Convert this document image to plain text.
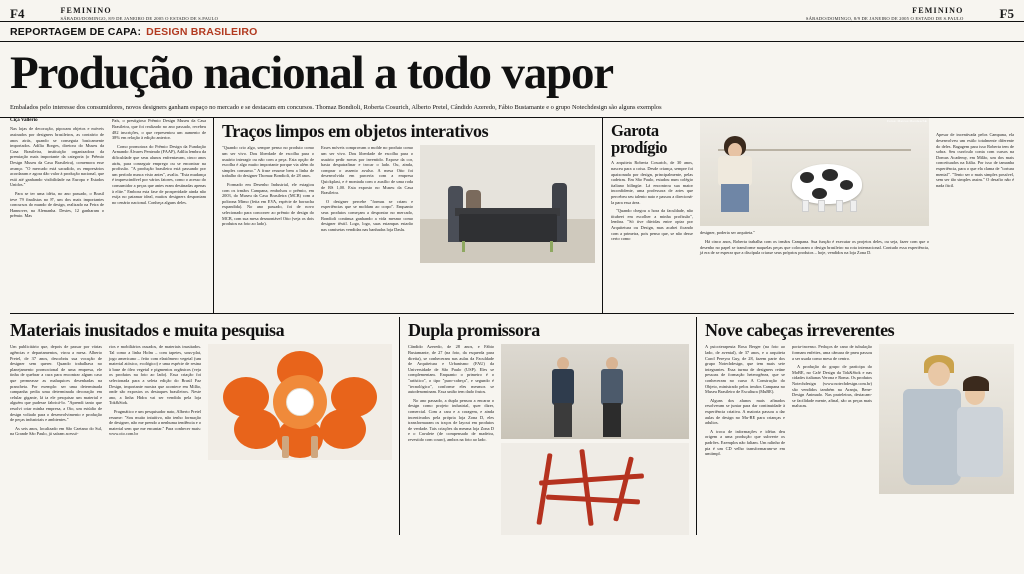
F4	FEMININO
SÁBADO/DOMINGO, 8/9 DE JANEIRO DE 2005 O ESTADO DE S.PAULO
FEMININO
SÁBADO/DOMINGO, 8/9 DE JANEIRO DE 2005 O ESTADO DE S.PAULO	F5
REPORTAGEM DE CAPA: DESIGN BRASILEIRO
Produção nacional a todo vapor
Embalados pelo interesse dos consumidores, novos designers ganham espaço no mercado e se destacam em concursos. Thomaz Bondioli, Roberta Cosurich, Alberto Pretel, Cândido Azeredo, Fábio Bustamante e o grupo Notechdesign são alguns exemplos
Ciça Vallério

Nas lojas de decoração, pipocam objetos e móveis assinados por designers brasileiros, as contrário de anos atrás, quando se conseguia basicamente importados. Adília Borges, diretora do Museu da Casa Brasileira, instituição organizadora da premiação mais importante da categoria (o Prêmio Design Museu da Casa Brasileira), comemora esse avanço. "O mercado está sacudido, os empresários acordaram e agora dão valor à produção nacional, que está até ganhando visibilidade na Europa e Estados Unidos."

Para se ter uma idéia, no ano passado, o Brasil teve 79 finalistas no 8º, um dos mais importantes concursos do mundo de design, realizado na Feira de Hannover, na Alemanha. Destes, 12 ganharam o prêmio. Mas

País, o prestigioso Prêmio Design Museu da Casa Brasileira, que foi realizado no ano passado, recebeu 482 inscrições, o que representou um aumento de 38% em relação à edição anterior.

Como promotora do Prêmio Design da Fundação Armando Álvares Penteado (FAAP), Adília lembra da dificuldade que seus alunos enfrentavam, cinco anos atrás, para conseguir emprego ou se encontrar na profissão. "A produção brasileira está passando por um período nunca visto antes", avalia. "Esta mudança é imprescindível por vários fatores, como o acesso do consumidor a peças que antes eram destinadas apenas à elite." Embora esta fase de prosperidade ainda não exija no patamar ideal, muitos designers despontam no cenário nacional. Conheça alguns deles.

Traços limpos em objetos interativos

"Quando crio algo, sempre penso no produto como um ser vivo. Dou liberdade de escolha para o usuário interagir ou não com a peça. Esta opção de escolha é algo muito importante porque via além do simples consumo." A frase resume bem a linha de trabalho do designer Thomaz Bondioli, de 28 anos.

Formado em Desenho Industrial, ele estagiou com os irmãos Campana, embolsou o prêmio, em 2003, do Museu da Casa Brasileira (MCB) com a poltrona Mimo (feita em EVA, espécie de borracha expandida). No ano passado, foi de novo selecionado para concorrer ao prêmio de design do MCB, com sua mesa desmontável Otto (veja os dois produtos na foto ao lado).

Esses móveis comprovam o molde no produto como um ser vivo. Dou liberdade de escolha para o usuário pedir novas por inventido. Expose da cor, basta despatrafinar e trocar o lado. Ou, ainda, comprar o assento avulso. A mesa Otto foi desenvolvida em parceria com a empresa Quickplast, e é montada com o auxílio de uma roda de RS 1,00. Esta exposto no Museu da Casa Brasileira.

O designer percebe "formas se criam e experiências que se moldam ao corpo". Enquanto seus produtos começam a despontar no mercado, Bondioli continua ganhando a vida mesmo como designer têxtil. Logo, logo, suas estampas estarão nas camisetas vendidas nas banhadas loja Daslu.

Garota prodígio

A arquiteta Roberta Cosurich, de 30 anos, nasceu para a coisa. Desde criança, sempre foi apaixonada por design, principalmente, pelas cadeiras. Em São Paulo, estudou num colégio italiano bilíngüe. Lá encontrou sua maior inconfidente, uma professora de artes que percebeu seu talento nato e passou a direcioná-la para essa área.

"Quando chegou a hora da faculdade, não titubeei em escolher a minha profissão", lembra. "Só tive dúvidas entre optar por Arquitetura ou Design, mas acabei ficando com a primeira, pois penso que, se não desse certo como

Fotos: Marcos Mendes/AE

designer, poderia ser arquiteta."

Há cinco anos, Roberta trabalha com os irmãos Campana. Sua função é executar os projetos deles, ou seja, fazer com que o desenho no papel se transforme naquelas peças que colocaram o design brasileiro na rota internacional. Contudo essa experiência, já era de se esperar que a discípula criasse seus próprios produtos – hoje, vendidos na loja Zona D.

Apesar de incentivada pelos Campana, ela desenvolveu um estilo totalmente diferente do deles. Bagagem para isso Roberta tem de sobra. Seu currículo conta com cursos na Domus Academy, em Milão, um dos mais conceituados na Itália. Por isso de tamanha experiência, para o que ela clama de "tortura mental". "Tento ser o mais simples possível, sem ser tão simples assim." O desafio não é nada fácil.

Materiais inusitados e muita pesquisa

Um publicitário que, depois de passar por várias agências e departamentos, virou a mesa. Alberto Pretel, de 37 anos, descobriu sua vocação de designer sem querer. Quando trabalhava no planejamento promocional de uma empresa, ele tinha de quebrar a cura para encontrar algum caso que permeasse as maluquices desenhadas na prancheta. Por exemplo: ser uma determinada campanha pedia uma determinada decoração em celular gigante, lá ia ele pesquisar um material e alguém que pudesse fabricá-lo. "Aprendi tanto que resolvi criar minha empresa, a Oio, um estúdio de design voltado para o desenvolvimento e produção de peças industriais e ambientes."

As seis anos, localizado em São Caetano do Sul, na Grande São Paulo, já saíram acessó-

rios e mobiliários ousados, de materiais inusitados. Tal como a linha Holm – com tapetes, sous-plat, jogo americano – feito com elastômero vegetal (um material atóxico, ecológico) e uma espécie de resina à base de óleo vegetal e pigmentos orgânicos (veja os produtos na foto ao lado). Essa criação foi selecionada para a seleta edição do Brasil Faz Design, importante mostra que acontece em Milão, onde são expostos os destaques brasileiros. Neste ano, a linha Hidra vai ser vendida pela loja Tok&Stok.

Pragmático e um pesquisador nato, Alberto Pretel resume: "Sou muito intuitivo, não tenho formação de designer, não me prendo a nenhuma tendência e o material sem que me encantar." Para conhecer mais: www.oio.com.br

Dupla promissora

Cândido Azeredo, de 28 anos, e Fábio Bustamante, de 27 (na foto, da esquerda para direita), se conheceram nas aulas da Faculdade de Arquitetura e Urbanismo (FAU) da Universidade de São Paulo (USP). Eles se complementam. Enquanto o primeiro é o "artístico", o tipo "puro-cabeça", e segundo é "tecnológico", conforme eles mesmos se autodenominam. Essa união tem dado frutos.

No ano passado, a dupla pensou a encarar o design como projeto industrial, quer dizer, comercial. Com a cara e a coragem, e ainda incentivados pela própria loja Zona D, eles transformaram os traços de layout em produtos de verdade. Tais criações da mesma loja Zona D e o Cavalete (de compensado de madeira, revestido com couro), ambos na foto ao lado.

Nove cabeças irreverentes

A psicoterapeuta Rosa Berger (na foto ao lado, de avental), de 37 anos, e a arquiteta Carol Pereyra Guy, de 28, fazem parte dos grupo Notechdesign, que tem mais sete integrantes. Essa turma de designers reúne pessoas de formação heterogênea, que se conheceram no curso A Construção do Objeto, ministrado pelos irmãos Campana no Museu Brasileiro de Escultura (MuBE).

Alguns dos alunos mais afinados resolveram se juntar para dar continuidade à experiência criativa. A maioria passou a dar aulas de design no Mu-BE para crianças e adultos.

A troca de informações e idéias deu origem a uma produção que subverte os padrões. Exemplos não faltam. Um ralinho de pia é um CD velho transformaram-se em umiimpl.

porta-incenso. Pedaços de cano de tubulação formam enfeites, uma câmara de pneu passou a ser usada como mesa de centro.

A produção do grupo de participa do MoBE, no Café Design da Tok&Stok e nas cidades italianas Verona e Roma. Os produtos Notechdesign (www.notechdesign.com.br) são vendidos também na Aranju, Bene-Design Animado. Nas prateleiras, destacam-se facilidade mente, afinal, são as peças mais malucas.
